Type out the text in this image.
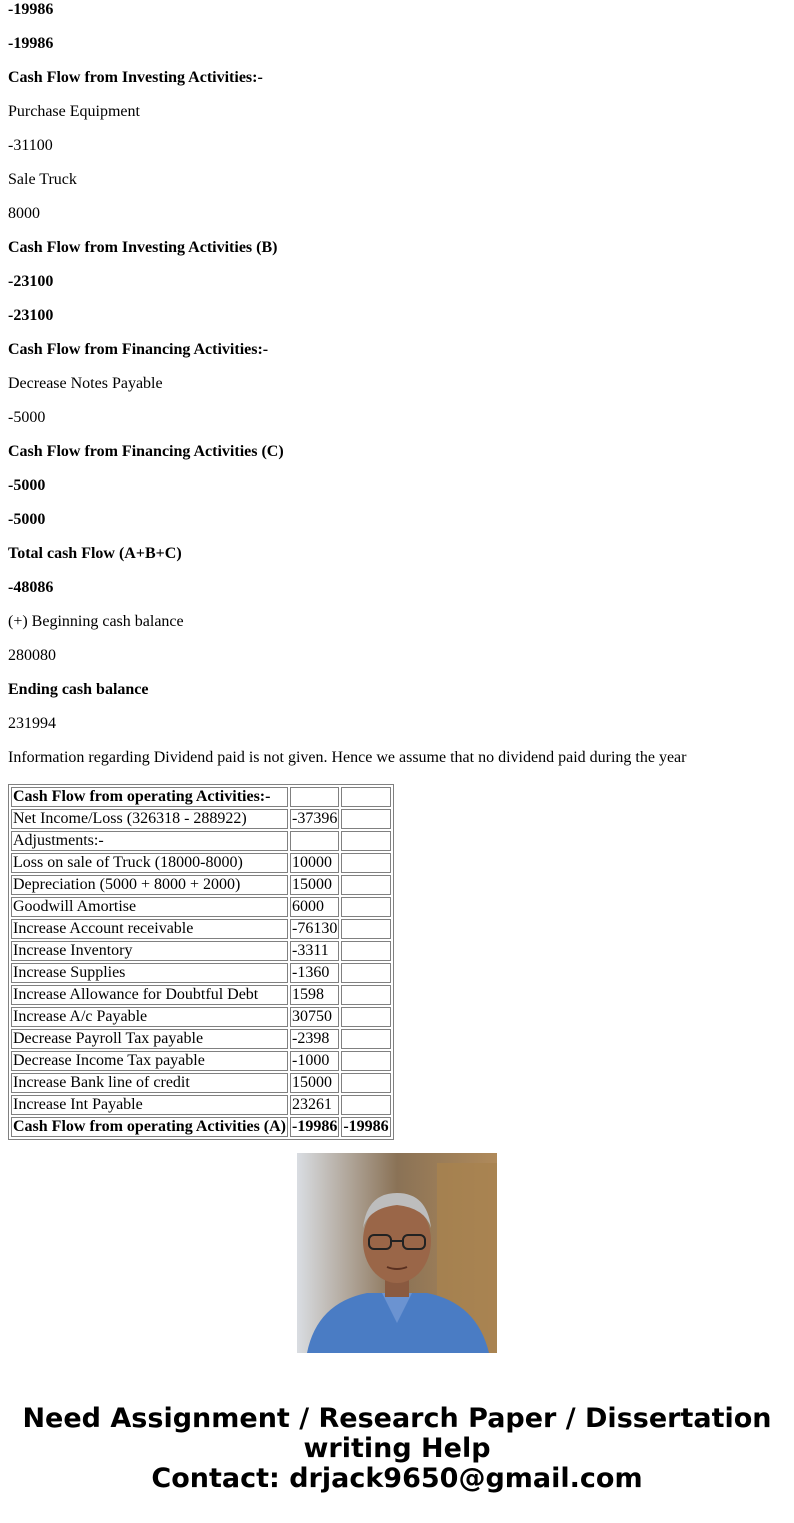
-19986
-19986
Cash Flow from Investing Activities:-
Purchase Equipment
-31100
Sale Truck
8000
Cash Flow from Investing Activities (B)
-23100
-23100
Cash Flow from Financing Activities:-
Decrease Notes Payable
-5000
Cash Flow from Financing Activities (C)
-5000
-5000
Total cash Flow (A+B+C)
-48086
(+) Beginning cash balance
280080
Ending cash balance
231994
Information regarding Dividend paid is not given. Hence we assume that no dividend paid during the year
Cash Flow from operating Activities:-		
Net Income/Loss (326318 - 288922)	-37396	
Adjustments:-		
Loss on sale of Truck (18000-8000)	10000	
Depreciation (5000 + 8000 + 2000)	15000	
Goodwill Amortise	6000	
Increase Account receivable	-76130	
Increase Inventory	-3311	
Increase Supplies	-1360	
Increase Allowance for Doubtful Debt	1598	
Increase A/c Payable	30750	
Decrease Payroll Tax payable	-2398	
Decrease Income Tax payable	-1000	
Increase Bank line of credit	15000	
Increase Int Payable	23261	
Cash Flow from operating Activities (A)	-19986	-19986
Need Assignment / Research Paper / Dissertation
writing Help
Contact: drjack9650@gmail.com
